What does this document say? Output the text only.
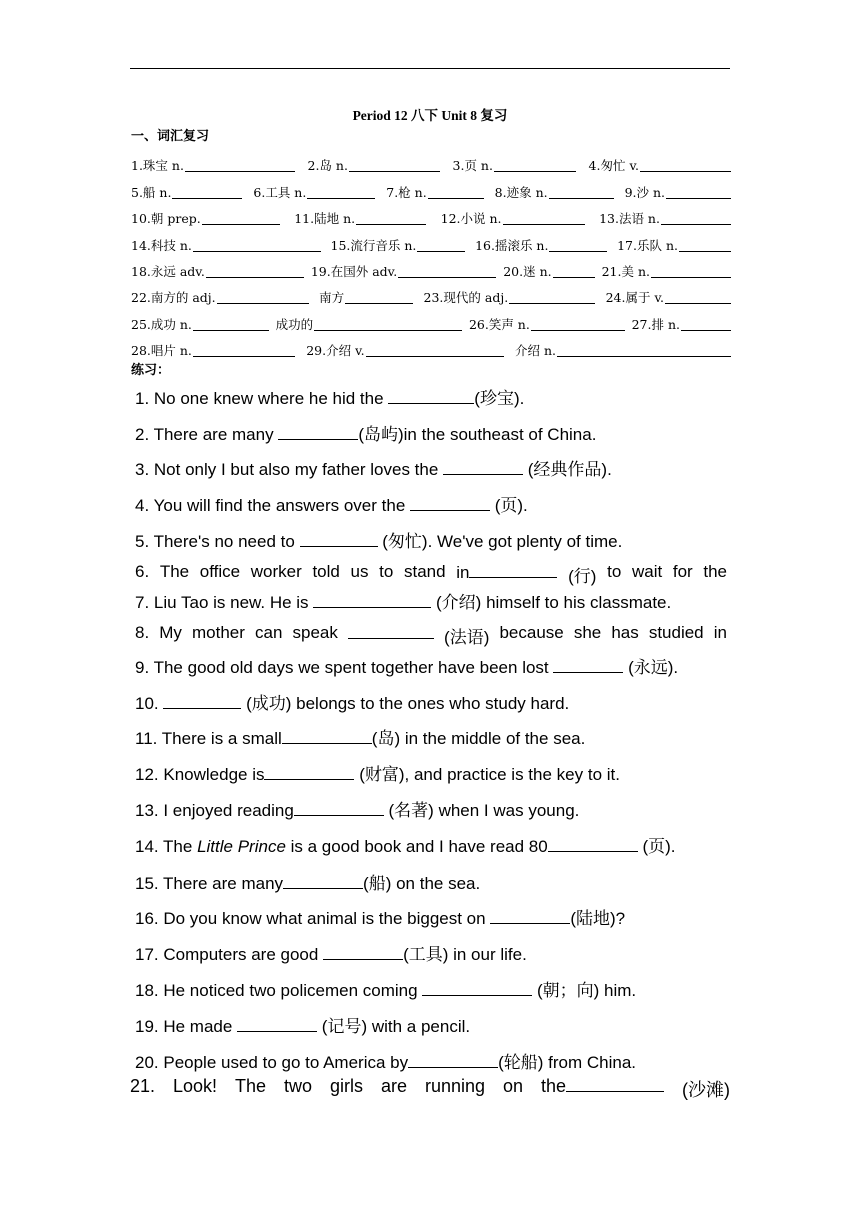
Period 12 八下 Unit 8 复习
一、词汇复习
1.珠宝 n.	2.岛 n.	3.页 n.	4.匆忙 v.
5.船 n.	6.工具 n.	7.枪 n.	8.迹象 n.	9.沙 n.
10.朝 prep.	11.陆地 n.	12.小说 n.	13.法语 n.
14.科技 n.	15.流行音乐 n.	16.摇滚乐 n.	17.乐队 n.
18.永远 adv.	19.在国外 adv.	20.迷 n.	21.美 n.
22.南方的 adj.	南方	23.现代的 adj.	24.属于 v.
25.成功 n.	成功的	26.笑声 n.	27.排 n.
28.唱片 n.	29.介绍 v.	介绍 n.
练习：
1. No one knew where he hid the	(珍宝).
2. There are many	(岛屿)in the southeast of China.
3. Not only I but also my father loves the	(经典作品).
4. You will find the answers over the	(页).
5. There's no need to	(匆忙). We've got plenty of time.
6. The office worker told us to stand in	(行) to wait for the
7. Liu Tao is new. He is	(介绍) himself to his classmate.
8. My mother can speak	(法语) because she has studied in
9. The good old days we spent together have been lost	(永远).
10.	(成功) belongs to the ones who study hard.
11. There is a small	(岛) in the middle of the sea.
12. Knowledge is	(财富), and practice is the key to it.
13. I enjoyed reading	(名著) when I was young.
14. The Little Prince is a good book and I have read 80	(页).
15. There are many	(船) on the sea.
16. Do you know what animal is the biggest on	(陆地)?
17. Computers are good	(工具) in our life.
18. He noticed two policemen coming	(朝；向) him.
19. He made	(记号) with a pencil.
20. People used to go to America by	(轮船) from China.
21. Look! The two girls are running on the	(沙滩)
